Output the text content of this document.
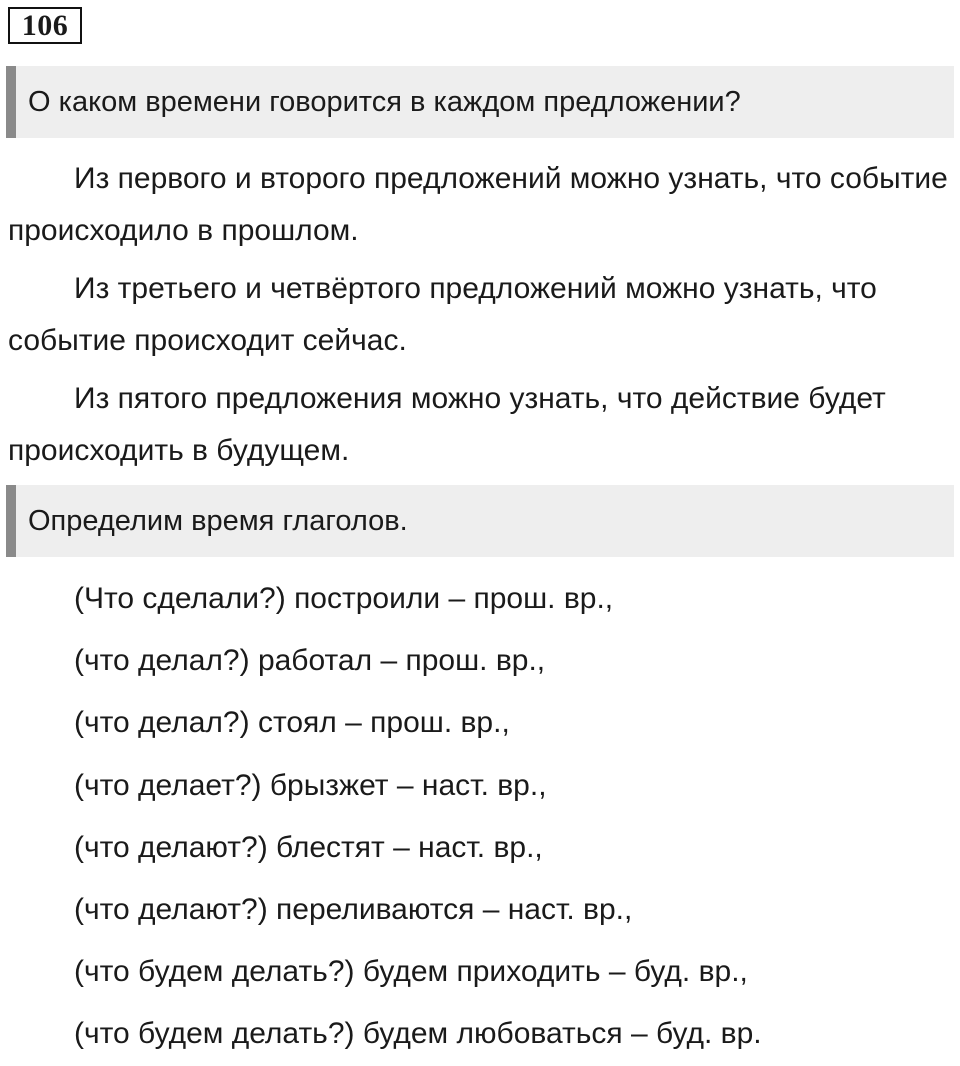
106
О каком времени говорится в каждом предложении?

Из первого и второго предложений можно узнать, что событие происходило в прошлом.

Из третьего и четвёртого предложений можно узнать, что событие происходит сейчас.

Из пятого предложения можно узнать, что действие будет происходить в будущем.

Определим время глаголов.
(Что сделали?) построили – прош. вр.,
(что делал?) работал – прош. вр.,
(что делал?) стоял – прош. вр.,
(что делает?) брызжет – наст. вр.,
(что делают?) блестят – наст. вр.,
(что делают?) переливаются – наст. вр.,
(что будем делать?) будем приходить – буд. вр.,
(что будем делать?) будем любоваться – буд. вр.
